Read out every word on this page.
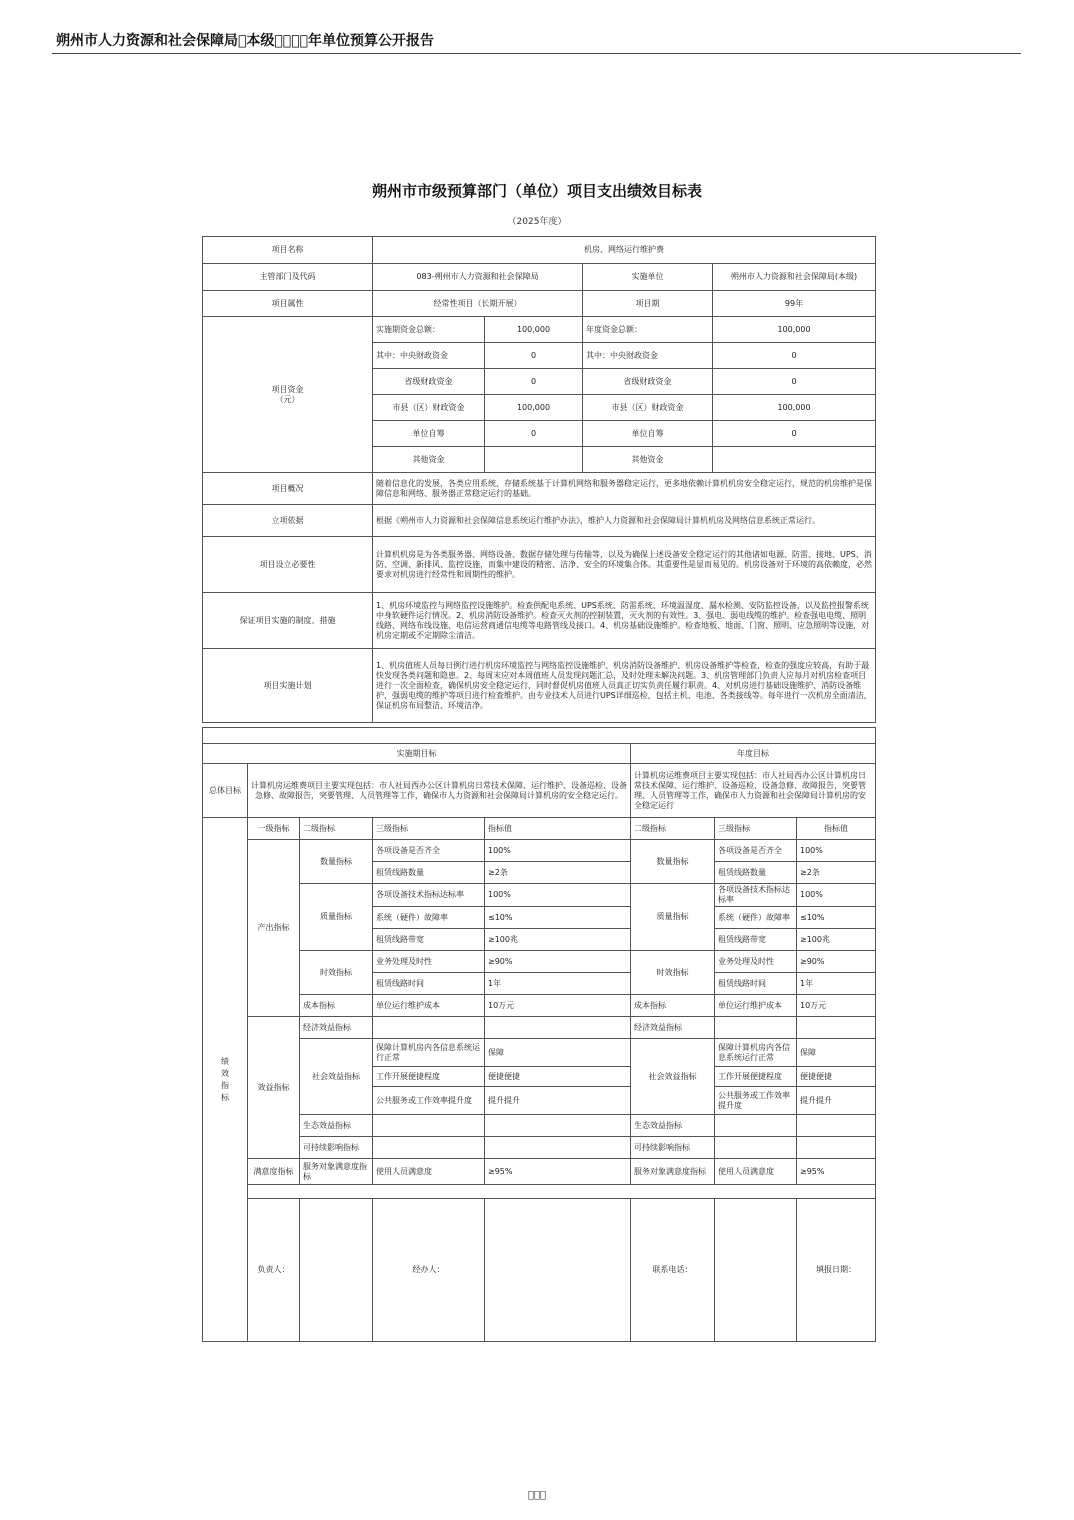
朔州市人力资源和社会保障局 本级    年单位预算公开报告
朔州市市级预算部门（单位）项目支出绩效目标表
（2025年度）
项目名称	机房、网络运行维护费			
主管部门及代码	083-朔州市人力资源和社会保障局		实施单位	朔州市人力资源和社会保障局(本级)
项目属性	经常性项目（长期开展）		项目期	99年
项目资金
（元）	实施期资金总额：	100,000	年度资金总额：	100,000
	其中：中央财政资金	0	其中：中央财政资金	0
	省级财政资金	0	省级财政资金	0
	市县（区）财政资金	100,000	市县（区）财政资金	100,000
	单位自筹	0	单位自筹	0
	其他资金		其他资金	
项目概况	随着信息化的发展，各类应用系统、存储系统基于计算机网络和服务器稳定运行，更多地依赖计算机机房安全稳定运行，规范的机房维护是保障信息和网络、服务器正常稳定运行的基础。			
立项依据	根据《朔州市人力资源和社会保障信息系统运行维护办法》，维护人力资源和社会保障局计算机机房及网络信息系统正常运行。			
项目设立必要性	计算机机房是为各类服务器、网络设备、数据存储处理与传输等，以及为确保上述设备安全稳定运行的其他诸如电源、防雷、接地、UPS、消防、空调、新排风、监控设施，而集中建设的精密、洁净、安全的环境集合体。其重要性是显而易见的。机房设备对于环境的高依赖度，必然要求对机房进行经常性和周期性的维护。			
保证项目实施的制度、措施	1、机房环境监控与网络监控设施维护。检查供配电系统、UPS系统、防雷系统、环境温湿度、漏水检测、安防监控设备，以及监控报警系统中身软硬件运行情况。2、机房消防设备维护。检查灭火剂的控制装置，灭火剂的有效性。3、强电、弱电线缆的维护。检查强电电缆、照明线路、网络布线设施、电信运营商通信电缆等电路管线及接口。4、机房基础设施维护。检查地板、地面、门窗、照明、应急照明等设施，对机房定期或不定期除尘清洁。			
项目实施计划	1、机房值班人员每日例行进行机房环境监控与网络监控设施维护、机房消防设备维护、机房设备维护等检查，检查的强度应较高，有助于最快发现各类问题和隐患。2、每周末应对本周值班人员发现问题汇总，及时处理未解决问题。3、机房管理部门负责人应每月对机房检查项目进行一次全面检查，确保机房安全稳定运行，同时督促机房值班人员真正切实负责任履行职责。4、对机房进行基础设施维护、消防设备维护，强弱电缆的维护等项目进行检查维护。由专业技术人员进行UPS详细巡检，包括主机、电池、各类接线等。每年进行一次机房全面清洁，保证机房布局整洁、环境洁净。			

实施期目标					年度目标			
总体目标	计算机房运维费项目主要实现包括：市人社局西办公区计算机房日常技术保障、运行维护、设备巡检、设备急修、故障报告，突要管理、人员管理等工作，确保市人力资源和社会保障局计算机房的安全稳定运行。				计算机房运维费项目主要实现包括：市人社局西办公区计算机房日常技术保障、运行维护、设备巡检、设备急修、故障报告，突要管理、人员管理等工作，确保市人力资源和社会保障局计算机房的安全稳定运行			

绩效指标	一级指标	二级指标	三级指标	指标值	二级指标	三级指标	指标值	
	产出指标	数量指标	各项设备是否齐全	100%	数量指标	各项设备是否齐全	100%	
			租赁线路数量	≥2条		租赁线路数量	≥2条	
		质量指标	各项设备技术指标达标率	100%	质量指标	各项设备技术指标达标率	100%	
			系统（硬件）故障率	≤10%		系统（硬件）故障率	≤10%	
			租赁线路带宽	≥100兆		租赁线路带宽	≥100兆	
		时效指标	业务处理及时性	≥90%	时效指标	业务处理及时性	≥90%	
			租赁线路时间	1年		租赁线路时间	1年	
		成本指标	单位运行维护成本	10万元	成本指标	单位运行维护成本	10万元	
	效益指标	经济效益指标			经济效益指标			
		社会效益指标	保障计算机房内各信息系统运行正常	保障	社会效益指标	保障计算机房内各信息系统运行正常	保障	
			工作开展便捷程度	便捷便捷		工作开展便捷程度	便捷便捷	
			公共服务或工作效率提升度	提升提升		公共服务或工作效率提升度	提升提升	
		生态效益指标			生态效益指标			
		可持续影响指标			可持续影响指标			
	满意度指标	服务对象满意度指标	使用人员满意度	≥95%	服务对象满意度指标	使用人员满意度	≥95%	

	负责人：		经办人：		联系电话：		填报日期：	
   
